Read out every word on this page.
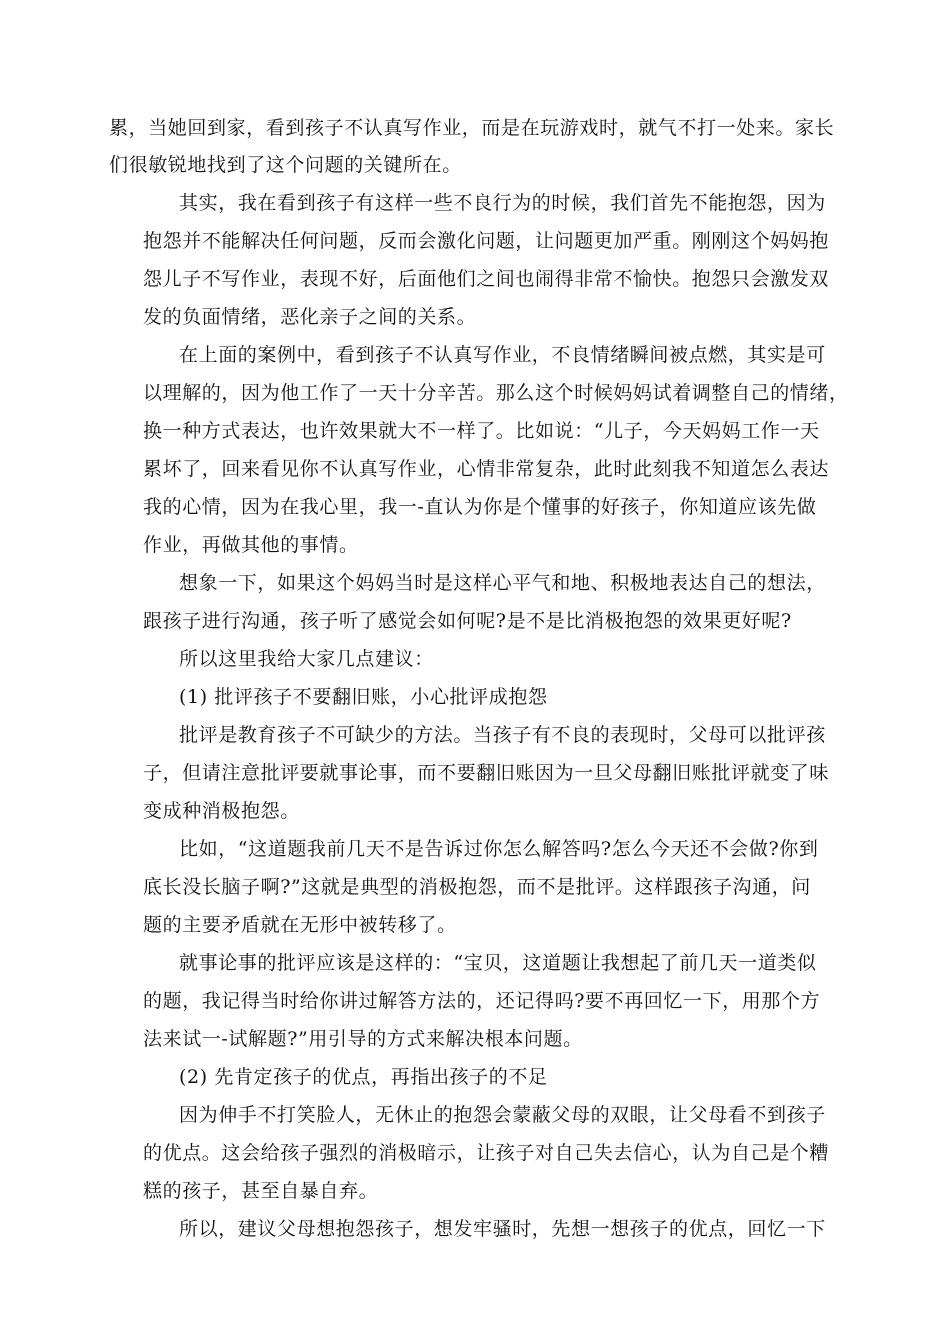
累，当她回到家，看到孩子不认真写作业，而是在玩游戏时，就气不打一处来。家长
们很敏锐地找到了这个问题的关键所在。
其实，我在看到孩子有这样一些不良行为的时候，我们首先不能抱怨，因为
抱怨并不能解决任何问题，反而会激化问题，让问题更加严重。刚刚这个妈妈抱
怨儿子不写作业，表现不好，后面他们之间也闹得非常不愉快。抱怨只会激发双
发的负面情绪，恶化亲子之间的关系。
在上面的案例中，看到孩子不认真写作业，不良情绪瞬间被点燃，其实是可
以理解的，因为他工作了一天十分辛苦。那么这个时候妈妈试着调整自己的情绪，
换一种方式表达，也许效果就大不一样了。比如说：“儿子，今天妈妈工作一天
累坏了，回来看见你不认真写作业，心情非常复杂，此时此刻我不知道怎么表达
我的心情，因为在我心里，我一-直认为你是个懂事的好孩子，你知道应该先做
作业，再做其他的事情。
想象一下，如果这个妈妈当时是这样心平气和地、积极地表达自己的想法，
跟孩子进行沟通，孩子听了感觉会如何呢?是不是比消极抱怨的效果更好呢?
所以这里我给大家几点建议：
(1) 批评孩子不要翻旧账，小心批评成抱怨
批评是教育孩子不可缺少的方法。当孩子有不良的表现时，父母可以批评孩
子，但请注意批评要就事论事，而不要翻旧账因为一旦父母翻旧账批评就变了味
变成种消极抱怨。
比如，“这道题我前几天不是告诉过你怎么解答吗?怎么今天还不会做?你到
底长没长脑子啊?”这就是典型的消极抱怨，而不是批评。这样跟孩子沟通，问
题的主要矛盾就在无形中被转移了。
就事论事的批评应该是这样的：“宝贝，这道题让我想起了前几天一道类似
的题，我记得当时给你讲过解答方法的，还记得吗?要不再回忆一下，用那个方
法来试一-试解题?”用引导的方式来解决根本问题。
(2) 先肯定孩子的优点，再指出孩子的不足
因为伸手不打笑脸人，无休止的抱怨会蒙蔽父母的双眼，让父母看不到孩子
的优点。这会给孩子强烈的消极暗示，让孩子对自己失去信心，认为自己是个糟
糕的孩子，甚至自暴自弃。
所以，建议父母想抱怨孩子，想发牢骚时，先想一想孩子的优点，回忆一下
